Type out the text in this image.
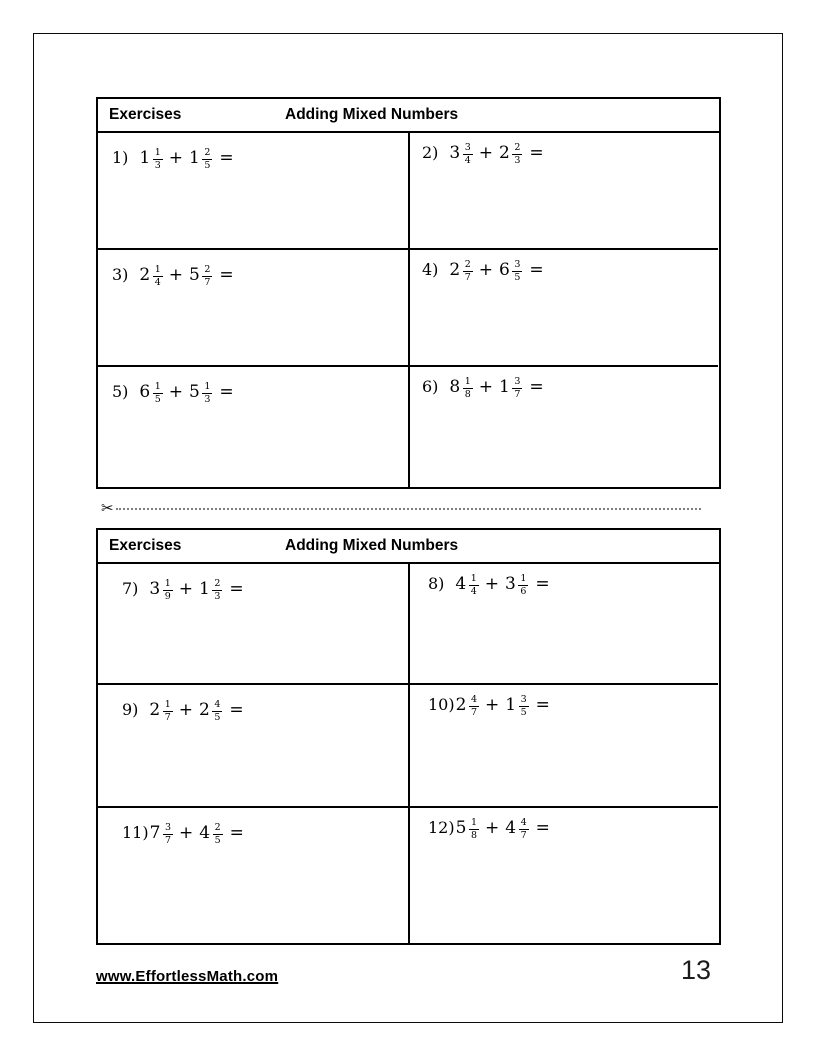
Exercises	Adding Mixed Numbers
1) $1 \frac{1}{3} + 1 \frac{2}{5}$ =	2) $3 \frac{3}{4} + 2 \frac{2}{3}$ =
3) $2 \frac{1}{4} + 5 \frac{2}{7}$ =	4) $2 \frac{2}{7} + 6 \frac{3}{5}$ =
5) $6 \frac{1}{5} + 5 \frac{1}{3}$ =	6) $8 \frac{1}{8} + 1 \frac{3}{7}$ =
✂
Exercises	Adding Mixed Numbers
7) $3 \frac{1}{9} + 1 \frac{2}{3}$ =	8) $4 \frac{1}{4} + 3 \frac{1}{6}$ =
9) $2 \frac{1}{7} + 2 \frac{4}{5}$ =	10) $2 \frac{4}{7} + 1 \frac{3}{5}$ =
11) $7 \frac{3}{7} + 4 \frac{2}{5}$ =	12) $5 \frac{1}{8} + 4 \frac{4}{7}$ =
www.EffortlessMath.com	13
